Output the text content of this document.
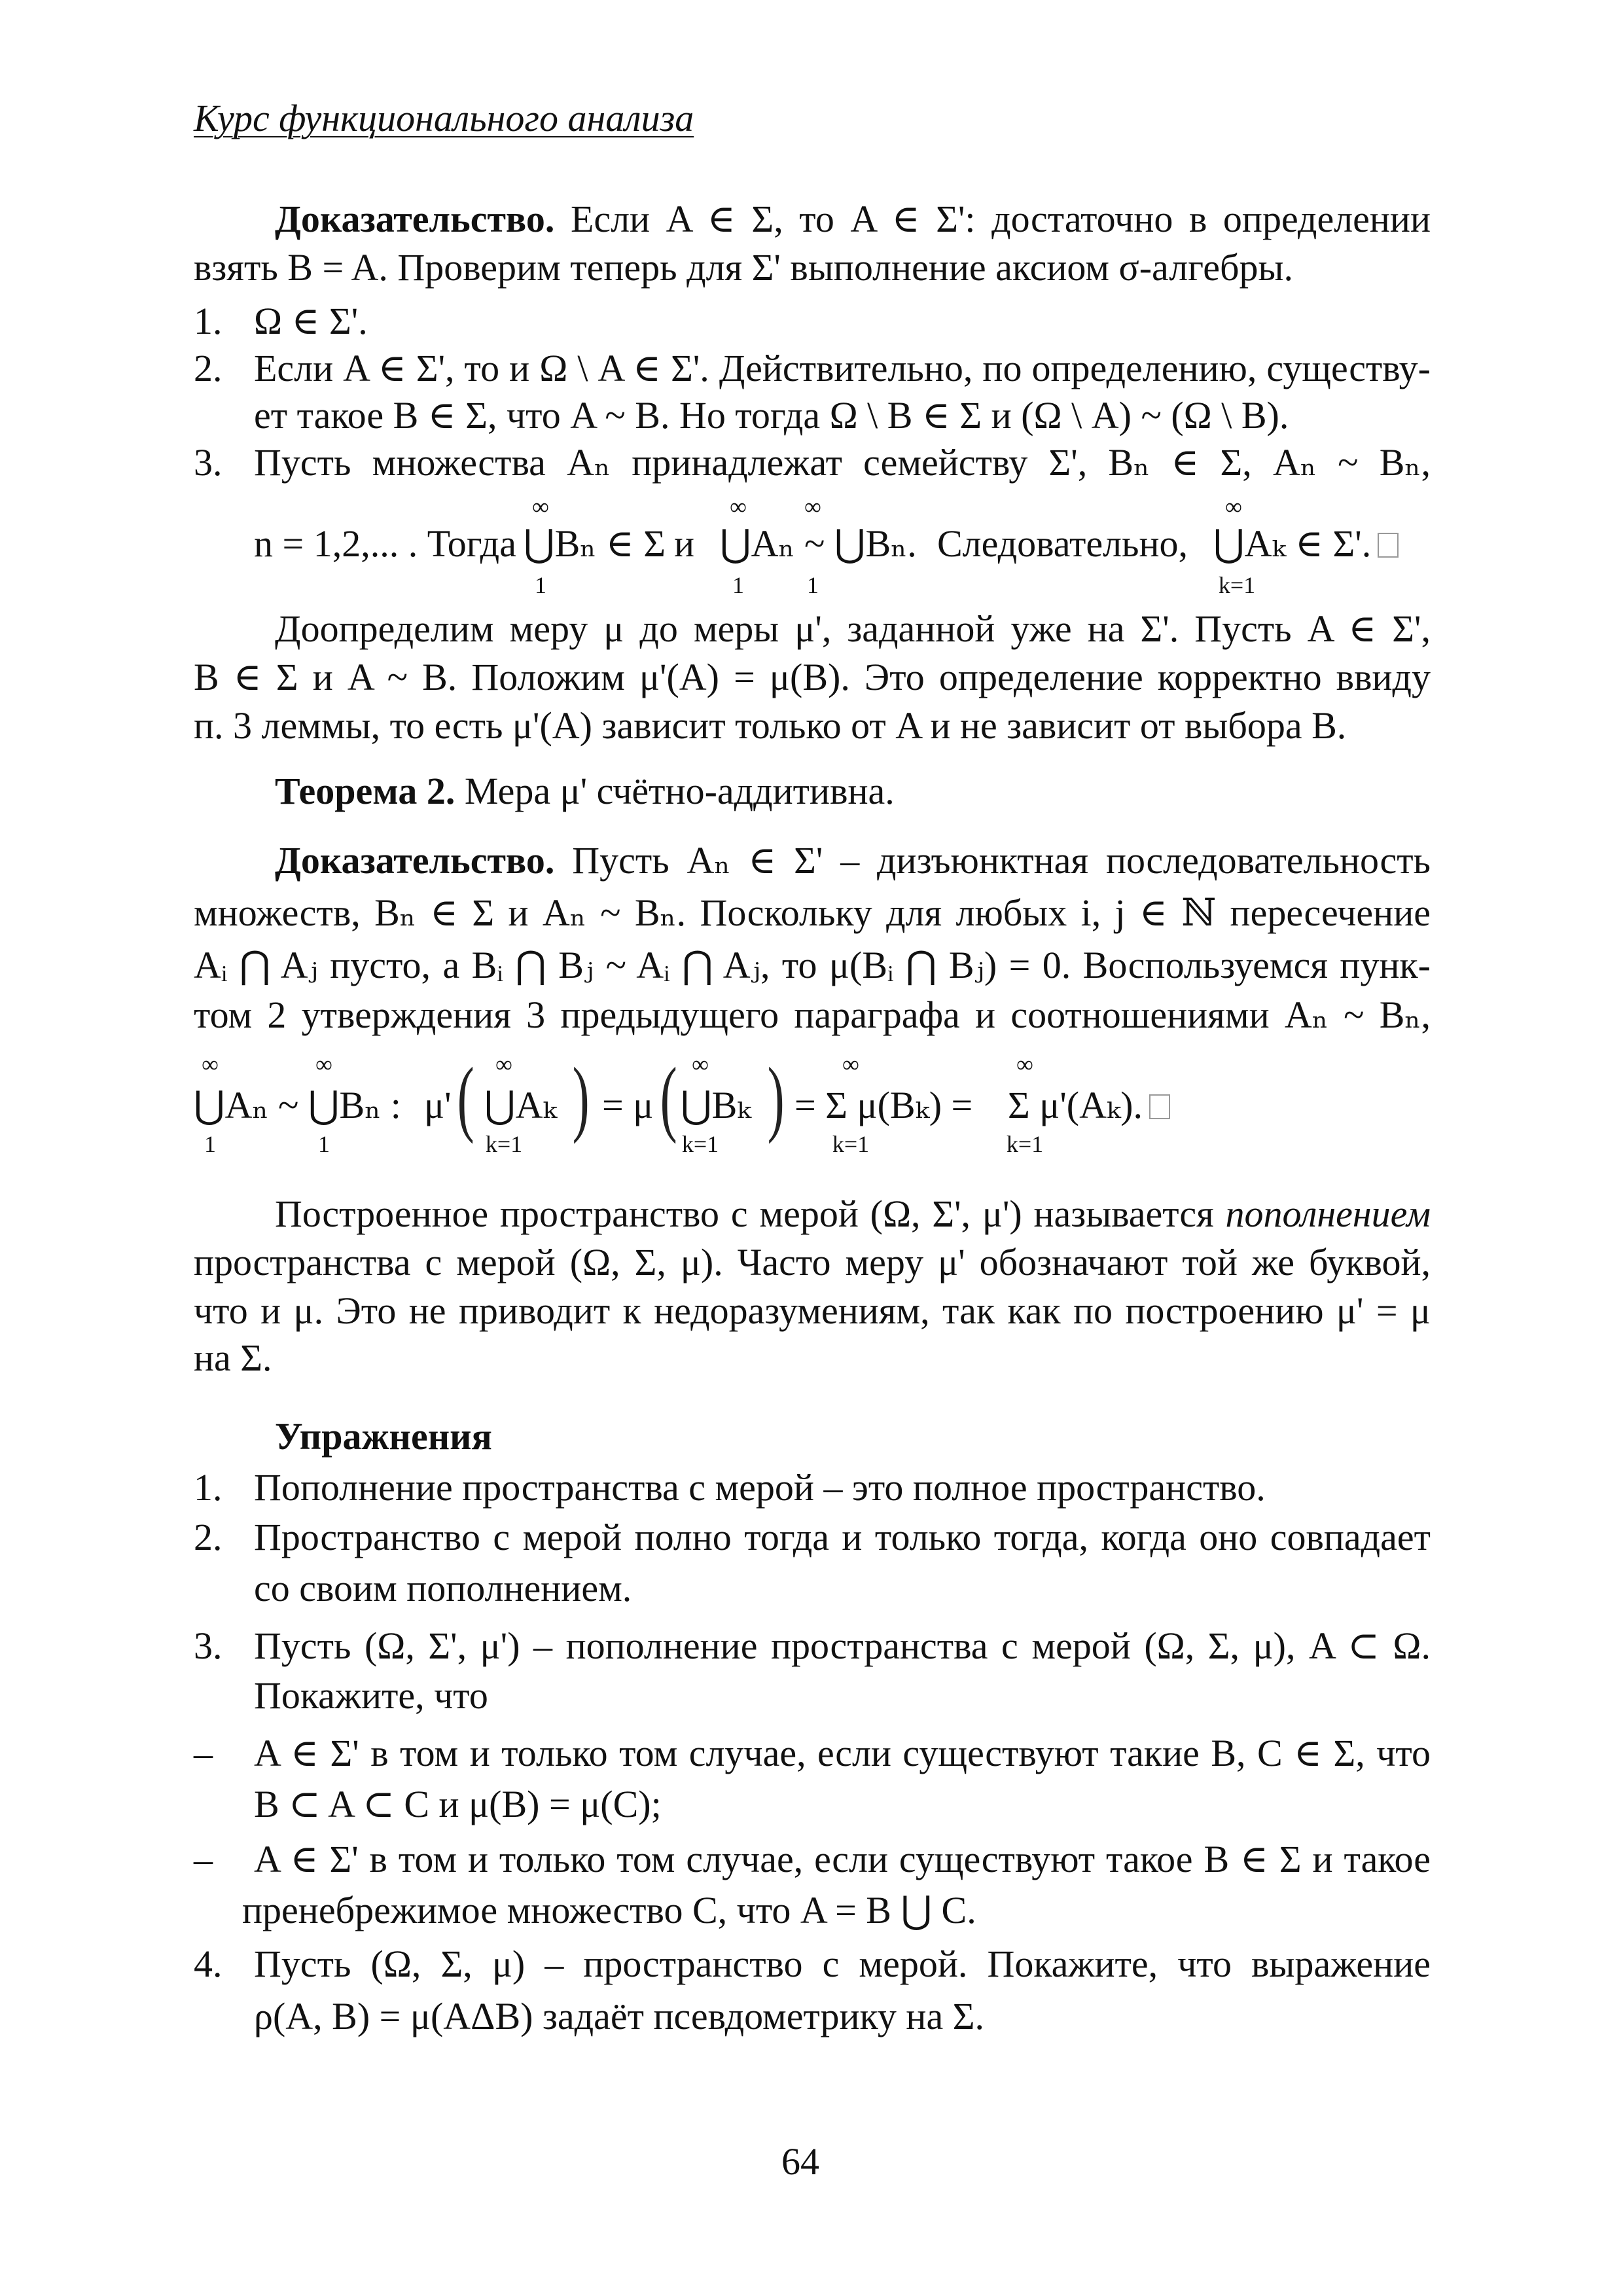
Курс функционального анализа
Доказательство. Если A ∈ Σ, то A ∈ Σ': достаточно в определении
взять B = A. Проверим теперь для Σ' выполнение аксиом σ-алгебры.
1. Ω ∈ Σ'.
2. Если A ∈ Σ', то и Ω \ A ∈ Σ'. Действительно, по определению, существу-
ет такое B ∈ Σ, что A ~ B. Но тогда Ω \ B ∈ Σ и (Ω \ A) ~ (Ω \ B).
3. Пусть множества Aₙ принадлежат семейству Σ', Bₙ ∈ Σ, Aₙ ~ Bₙ,
n = 1,2,... . Тогда
∞
⋃Bₙ ∈ Σ
1
и
∞
⋃Aₙ ~ ⋃Bₙ.
1
∞
1
Следовательно,
∞
⋃Aₖ ∈ Σ'.
k=1
Доопределим меру μ до меры μ', заданной уже на Σ'. Пусть A ∈ Σ',
B ∈ Σ и A ~ B. Положим μ'(A) = μ(B). Это определение корректно ввиду
п. 3 леммы, то есть μ'(A) зависит только от A и не зависит от выбора B.
Теорема 2. Мера μ' счётно-аддитивна.
Доказательство. Пусть Aₙ ∈ Σ' – дизъюнктная последовательность
множеств, Bₙ ∈ Σ и Aₙ ~ Bₙ. Поскольку для любых i, j ∈ ℕ пересечение
Aᵢ ⋂ Aⱼ пусто, а Bᵢ ⋂ Bⱼ ~ Aᵢ ⋂ Aⱼ, то μ(Bᵢ ⋂ Bⱼ) = 0. Воспользуемся пунк-
том 2 утверждения 3 предыдущего параграфа и соотношениями Aₙ ~ Bₙ,
∞	∞
⋃Aₙ ~ ⋃Bₙ :
1	1
μ' ( ∞
⋃Aₖ
k=1 ) = μ ( ∞
⋃Bₖ
k=1 )	∞
= Σ μ(Bₖ) =
k=1
∞
Σ μ'(Aₖ).
k=1
Построенное пространство с мерой (Ω, Σ', μ') называется пополнением
пространства с мерой (Ω, Σ, μ). Часто меру μ' обозначают той же буквой,
что и μ. Это не приводит к недоразумениям, так как по построению μ' = μ
на Σ.
Упражнения
1. Пополнение пространства с мерой – это полное пространство.
2. Пространство с мерой полно тогда и только тогда, когда оно совпадает
со своим пополнением.
3. Пусть (Ω, Σ', μ') – пополнение пространства с мерой (Ω, Σ, μ), A ⊂ Ω.
Покажите, что
– A ∈ Σ' в том и только том случае, если существуют такие B, C ∈ Σ, что
B ⊂ A ⊂ C и μ(B) = μ(C);
– A ∈ Σ' в том и только том случае, если существуют такое B ∈ Σ и такое
пренебрежимое множество C, что A = B ⋃ C.
4. Пусть (Ω, Σ, μ) – пространство с мерой. Покажите, что выражение
ρ(A, B) = μ(AΔB) задаёт псевдометрику на Σ.
64
